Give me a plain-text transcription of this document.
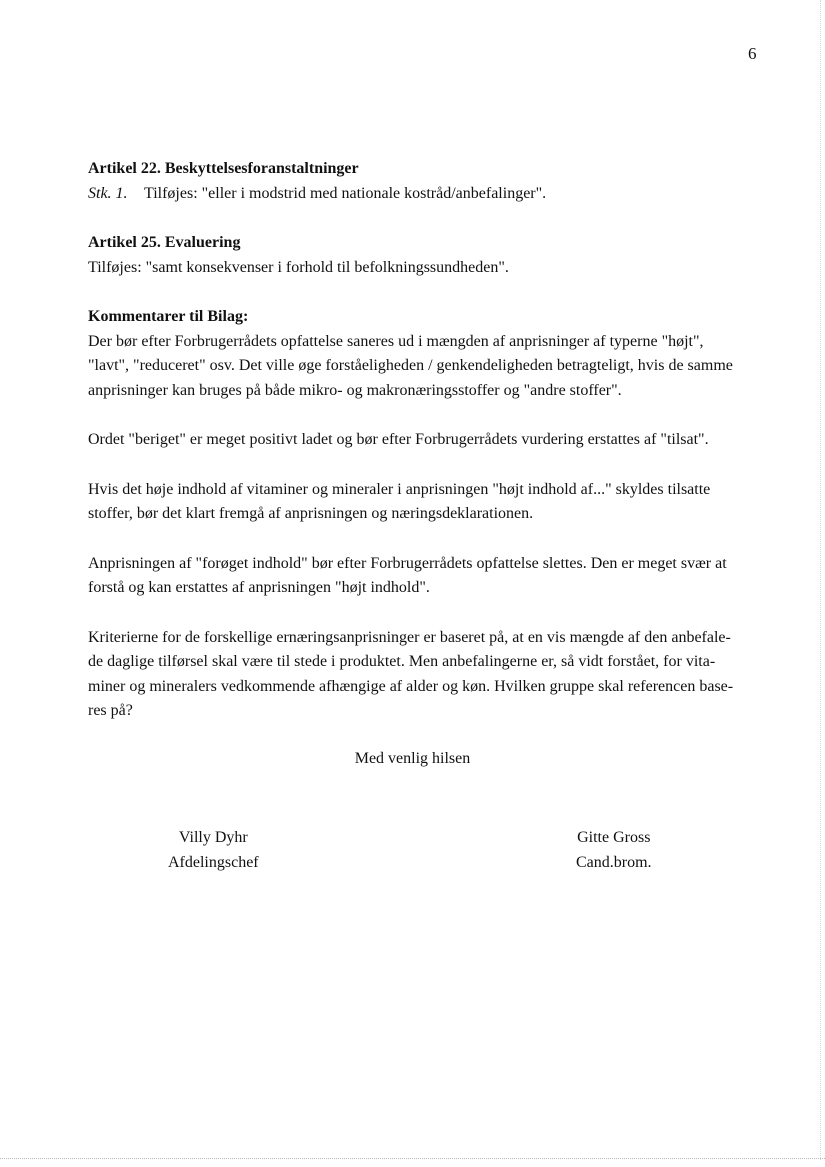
6
Artikel 22. Beskyttelsesforanstaltninger
Stk. 1. Tilføjes: "eller i modstrid med nationale kostråd/anbefalinger".
Artikel 25. Evaluering
Tilføjes: "samt konsekvenser i forhold til befolkningssundheden".
Kommentarer til Bilag:
Der bør efter Forbrugerrådets opfattelse saneres ud i mængden af anprisninger af typerne "højt",
"lavt", "reduceret" osv. Det ville øge forståeligheden / genkendeligheden betragteligt, hvis de samme
anprisninger kan bruges på både mikro- og makronæringsstoffer og "andre stoffer".
Ordet "beriget" er meget positivt ladet og bør efter Forbrugerrådets vurdering erstattes af "tilsat".
Hvis det høje indhold af vitaminer og mineraler i anprisningen "højt indhold af..." skyldes tilsatte
stoffer, bør det klart fremgå af anprisningen og næringsdeklarationen.
Anprisningen af "forøget indhold" bør efter Forbrugerrådets opfattelse slettes. Den er meget svær at
forstå og kan erstattes af anprisningen "højt indhold".
Kriterierne for de forskellige ernæringsanprisninger er baseret på, at en vis mængde af den anbefale-
de daglige tilførsel skal være til stede i produktet. Men anbefalingerne er, så vidt forstået, for vita-
miner og mineralers vedkommende afhængige af alder og køn. Hvilken gruppe skal referencen base-
res på?
Med venlig hilsen
Villy Dyhr
Afdelingschef
Gitte Gross
Cand.brom.
